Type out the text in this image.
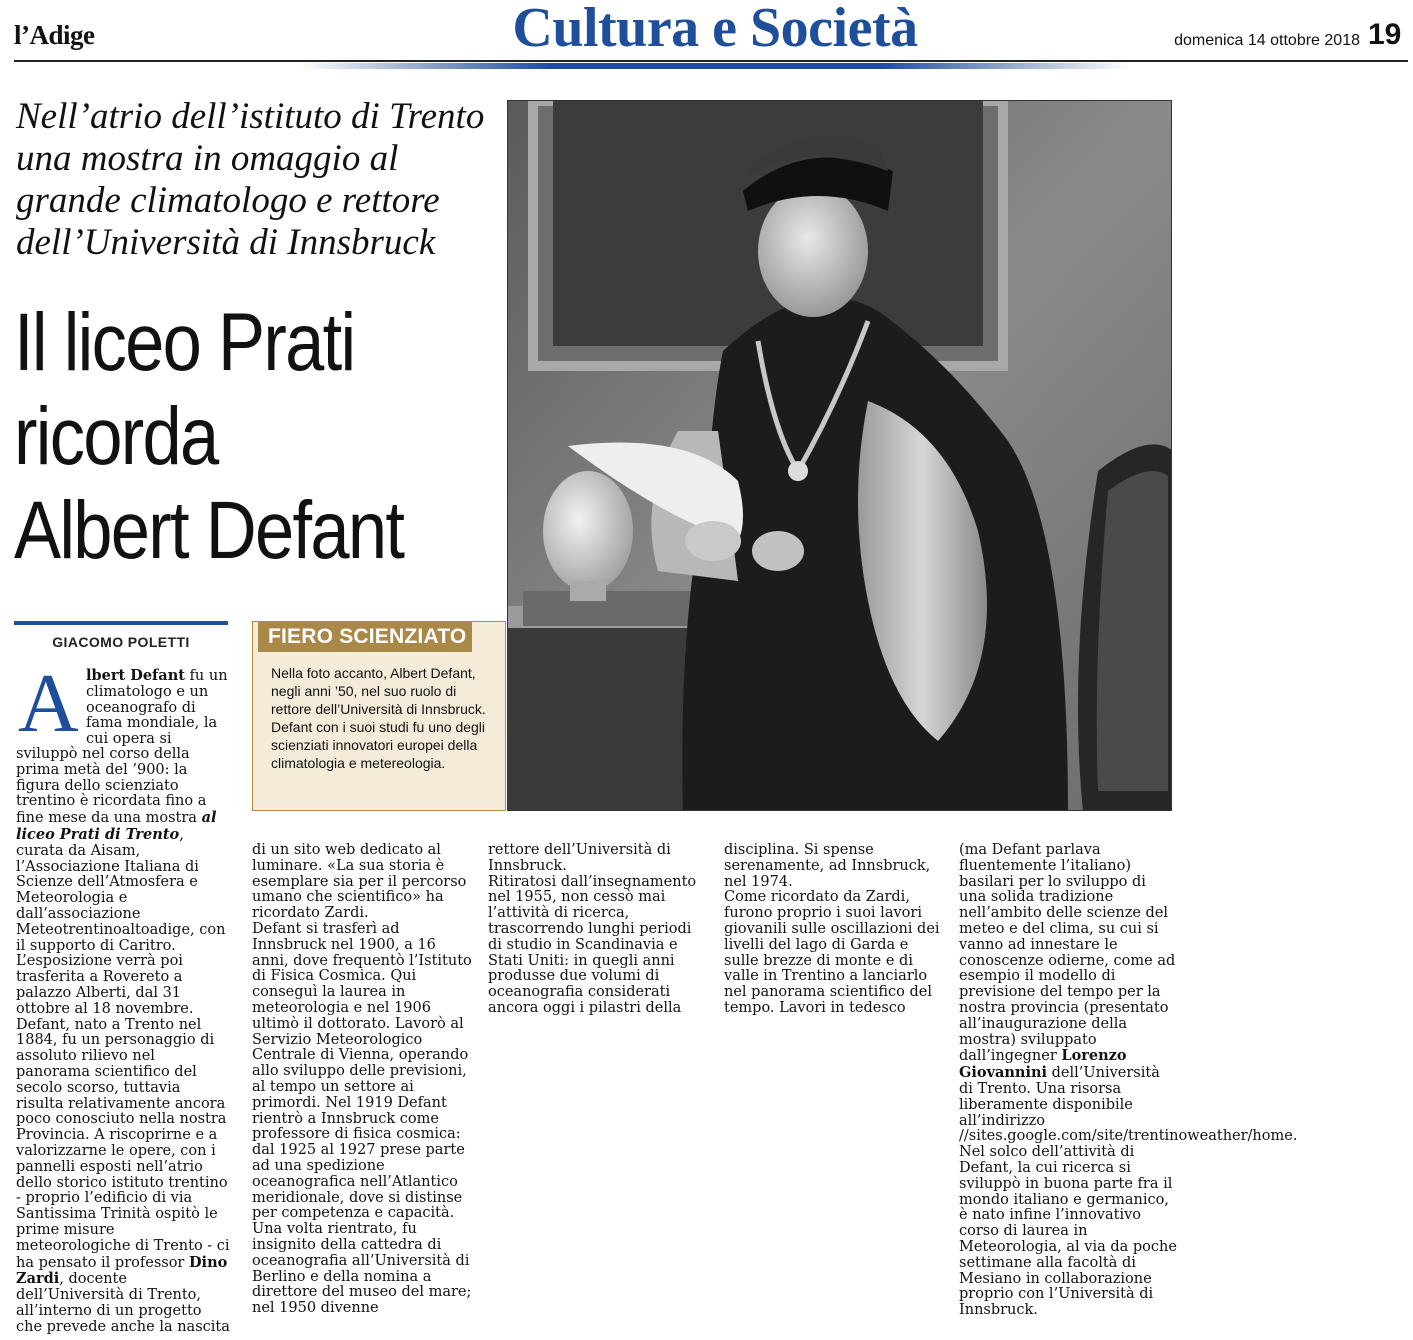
l’Adige	Cultura e Società	domenica 14 ottobre 2018 19
Nell’atrio dell’istituto di Trento una mostra in omaggio al grande climatologo e rettore dell’Università di Innsbruck
Il liceo Prati
ricorda
Albert Defant
GIACOMO POLETTI	FIERO SCIENZIATO
Nella foto accanto, Albert Defant, negli anni ’50, nel suo ruolo di rettore dell’Università di Innsbruck. Defant con i suoi studi fu uno degli scienziati innovatori europei della climatologia e metereologia.
A lbert Defant fu un climatologo e un oceanografo di fama mondiale, la cui opera si

sviluppò nel corso della prima metà del ’900: la figura dello scienziato trentino è ricordata fino a fine mese da una mostra al liceo Prati di Trento, curata da Aisam, l’Associazione Italiana di Scienze dell’Atmosfera e Meteorologia e dall’associazione Meteotrentinoaltoadige, con il supporto di Caritro.

L’esposizione verrà poi trasferita a Rovereto a palazzo Alberti, dal 31 ottobre al 18 novembre.

Defant, nato a Trento nel 1884, fu un personaggio di assoluto rilievo nel panorama scientifico del secolo scorso, tuttavia risulta relativamente ancora poco conosciuto nella nostra Provincia. A riscoprirne e a valorizzarne le opere, con i pannelli esposti nell’atrio dello storico istituto trentino - proprio l’edificio di via Santissima Trinità ospitò le prime misure meteorologiche di Trento - ci ha pensato il professor Dino Zardi, docente dell’Università di Trento, all’interno di un progetto che prevede anche la nascita

di un sito web dedicato al luminare. «La sua storia è esemplare sia per il percorso umano che scientifico» ha ricordato Zardi.

Defant si trasferì ad Innsbruck nel 1900, a 16 anni, dove frequentò l’Istituto di Fisica Cosmica. Qui conseguì la laurea in meteorologia e nel 1906 ultimò il dottorato. Lavorò al Servizio Meteorologico Centrale di Vienna, operando allo sviluppo delle previsioni, al tempo un settore ai primordi. Nel 1919 Defant rientrò a Innsbruck come professore di fisica cosmica: dal 1925 al 1927 prese parte ad una spedizione oceanografica nell’Atlantico meridionale, dove si distinse per competenza e capacità. Una volta rientrato, fu insignito della cattedra di oceanografia all’Università di Berlino e della nomina a direttore del museo del mare; nel 1950 divenne

rettore dell’Università di Innsbruck.

Ritiratosi dall’insegnamento nel 1955, non cessò mai l’attività di ricerca, trascorrendo lunghi periodi di studio in Scandinavia e Stati Uniti: in quegli anni produsse due volumi di oceanografia considerati ancora oggi i pilastri della

disciplina. Si spense serenamente, ad Innsbruck, nel 1974.

Come ricordato da Zardi, furono proprio i suoi lavori giovanili sulle oscillazioni dei livelli del lago di Garda e sulle brezze di monte e di valle in Trentino a lanciarlo nel panorama scientifico del tempo. Lavori in tedesco

(ma Defant parlava fluentemente l’italiano) basilari per lo sviluppo di una solida tradizione nell’ambito delle scienze del meteo e del clima, su cui si vanno ad innestare le conoscenze odierne, come ad esempio il modello di previsione del tempo per la nostra provincia (presentato all’inaugurazione della mostra) sviluppato dall’ingegner Lorenzo Giovannini dell’Università di Trento. Una risorsa liberamente disponibile all’indirizzo //sites.google.com/site/trentinoweather/home.

Nel solco dell’attività di Defant, la cui ricerca si sviluppò in buona parte fra il mondo italiano e germanico, è nato infine l’innovativo corso di laurea in Meteorologia, al via da poche settimane alla facoltà di Mesiano in collaborazione proprio con l’Università di Innsbruck.
